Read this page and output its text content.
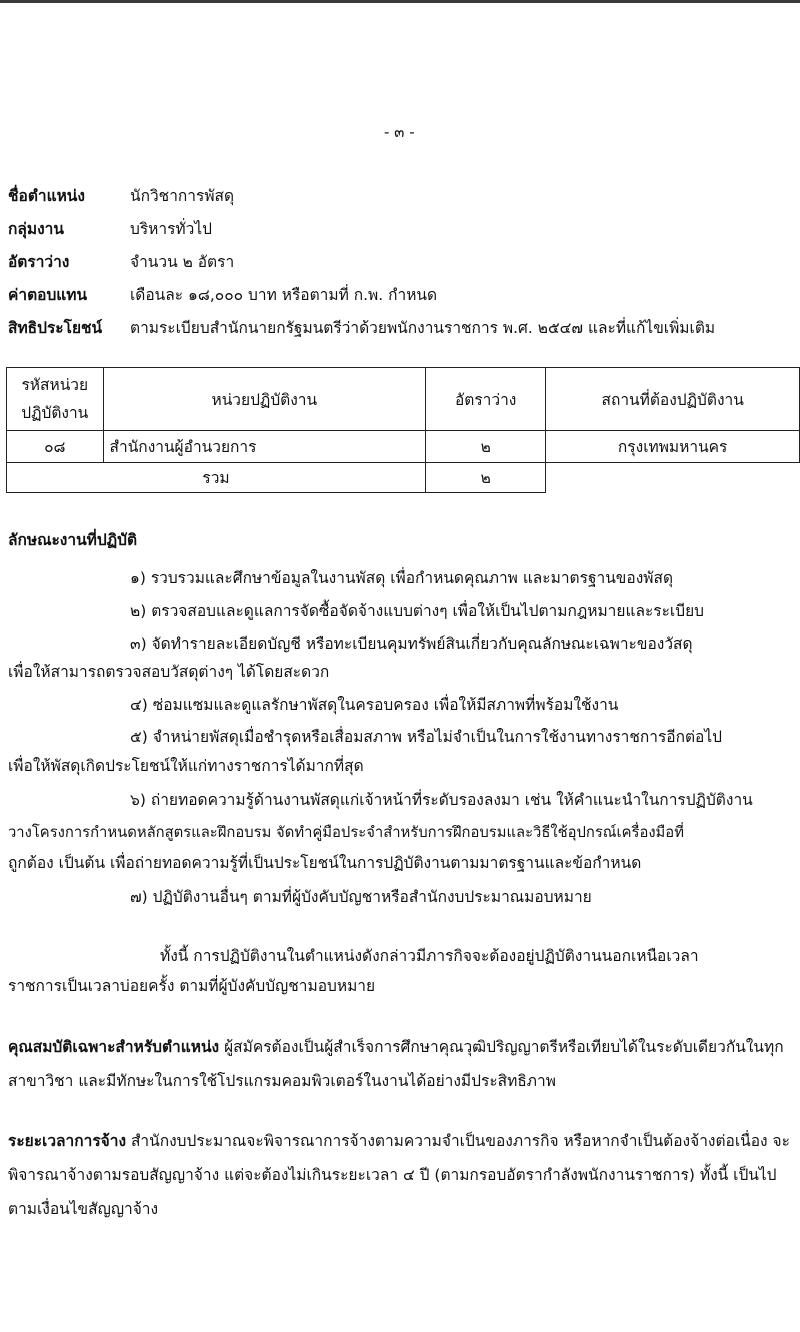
- ๓ -
ชื่อตำแหน่ง	นักวิชาการพัสดุ
กลุ่มงาน	บริหารทั่วไป
อัตราว่าง	จำนวน ๒ อัตรา
ค่าตอบแทน	เดือนละ ๑๘,๐๐๐ บาท หรือตามที่ ก.พ. กำหนด
สิทธิประโยชน์ ตามระเบียบสำนักนายกรัฐมนตรีว่าด้วยพนักงานราชการ พ.ศ. ๒๕๔๗ และที่แก้ไขเพิ่มเติม
รหัสหน่วย
ปฏิบัติงาน	หน่วยปฏิบัติงาน	อัตราว่าง	สถานที่ต้องปฏิบัติงาน
๐๘	สำนักงานผู้อำนวยการ	๒	กรุงเทพมหานคร
รวม		๒	
ลักษณะงานที่ปฏิบัติ
๑) รวบรวมและศึกษาข้อมูลในงานพัสดุ เพื่อกำหนดคุณภาพ และมาตรฐานของพัสดุ
๒) ตรวจสอบและดูแลการจัดซื้อจัดจ้างแบบต่างๆ เพื่อให้เป็นไปตามกฎหมายและระเบียบ
๓) จัดทำรายละเอียดบัญชี หรือทะเบียนคุมทรัพย์สินเกี่ยวกับคุณลักษณะเฉพาะของวัสดุ
เพื่อให้สามารถตรวจสอบวัสดุต่างๆ ได้โดยสะดวก
๔) ซ่อมแซมและดูแลรักษาพัสดุในครอบครอง เพื่อให้มีสภาพที่พร้อมใช้งาน
๕) จำหน่ายพัสดุเมื่อชำรุดหรือเสื่อมสภาพ หรือไม่จำเป็นในการใช้งานทางราชการอีกต่อไป
เพื่อให้พัสดุเกิดประโยชน์ให้แก่ทางราชการได้มากที่สุด
๖) ถ่ายทอดความรู้ด้านงานพัสดุแก่เจ้าหน้าที่ระดับรองลงมา เช่น ให้คำแนะนำในการปฏิบัติงาน
วางโครงการกำหนดหลักสูตรและฝึกอบรม จัดทำคู่มือประจำสำหรับการฝึกอบรมและวิธีใช้อุปกรณ์เครื่องมือที่
ถูกต้อง เป็นต้น เพื่อถ่ายทอดความรู้ที่เป็นประโยชน์ในการปฏิบัติงานตามมาตรฐานและข้อกำหนด
๗) ปฏิบัติงานอื่นๆ ตามที่ผู้บังคับบัญชาหรือสำนักงบประมาณมอบหมาย
ทั้งนี้ การปฏิบัติงานในตำแหน่งดังกล่าวมีภารกิจจะต้องอยู่ปฏิบัติงานนอกเหนือเวลา
ราชการเป็นเวลาบ่อยครั้ง ตามที่ผู้บังคับบัญชามอบหมาย
คุณสมบัติเฉพาะสำหรับตำแหน่ง ผู้สมัครต้องเป็นผู้สำเร็จการศึกษาคุณวุฒิปริญญาตรีหรือเทียบได้ในระดับเดียวกันในทุกสาขาวิชา และมีทักษะในการใช้โปรแกรมคอมพิวเตอร์ในงานได้อย่างมีประสิทธิภาพ
ระยะเวลาการจ้าง สำนักงบประมาณจะพิจารณาการจ้างตามความจำเป็นของภารกิจ หรือหากจำเป็นต้องจ้างต่อเนื่อง จะพิจารณาจ้างตามรอบสัญญาจ้าง แต่จะต้องไม่เกินระยะเวลา ๔ ปี (ตามกรอบอัตรากำลังพนักงานราชการ) ทั้งนี้ เป็นไปตามเงื่อนไขสัญญาจ้าง
